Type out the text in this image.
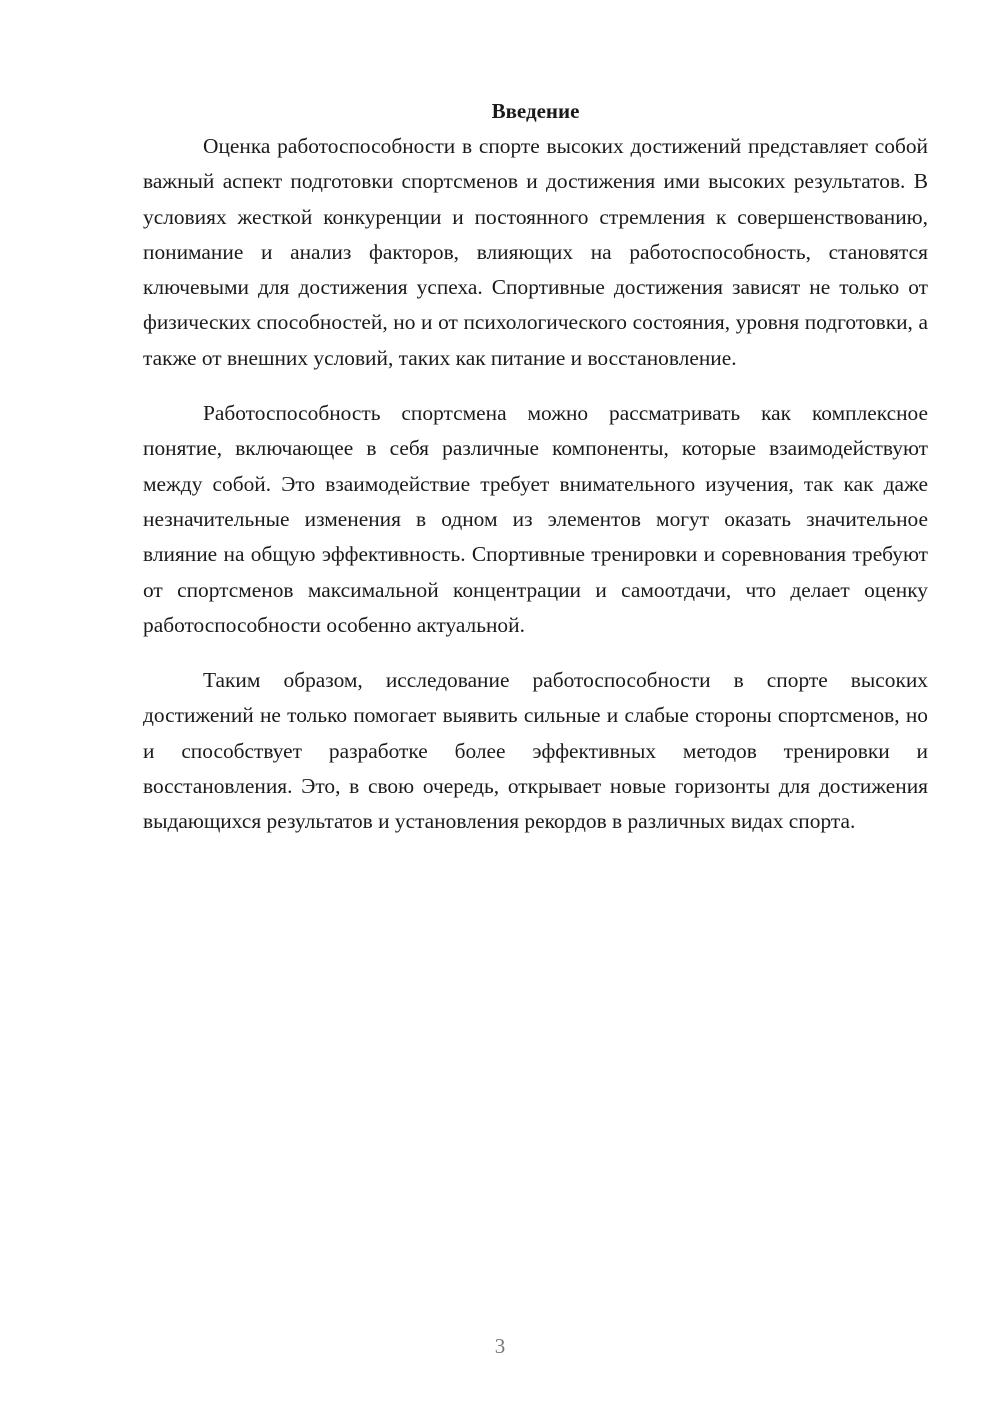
Введение

Оценка работоспособности в спорте высоких достижений представляет собой важный аспект подготовки спортсменов и достижения ими высоких результатов. В условиях жесткой конкуренции и постоянного стремления к совершенствованию, понимание и анализ факторов, влияющих на работоспособность, становятся ключевыми для достижения успеха. Спортивные достижения зависят не только от физических способностей, но и от психологического состояния, уровня подготовки, а также от внешних условий, таких как питание и восстановление.

Работоспособность спортсмена можно рассматривать как комплексное понятие, включающее в себя различные компоненты, которые взаимодействуют между собой. Это взаимодействие требует внимательного изучения, так как даже незначительные изменения в одном из элементов могут оказать значительное влияние на общую эффективность. Спортивные тренировки и соревнования требуют от спортсменов максимальной концентрации и самоотдачи, что делает оценку работоспособности особенно актуальной.

Таким образом, исследование работоспособности в спорте высоких достижений не только помогает выявить сильные и слабые стороны спортсменов, но и способствует разработке более эффективных методов тренировки и восстановления. Это, в свою очередь, открывает новые горизонты для достижения выдающихся результатов и установления рекордов в различных видах спорта.

3
